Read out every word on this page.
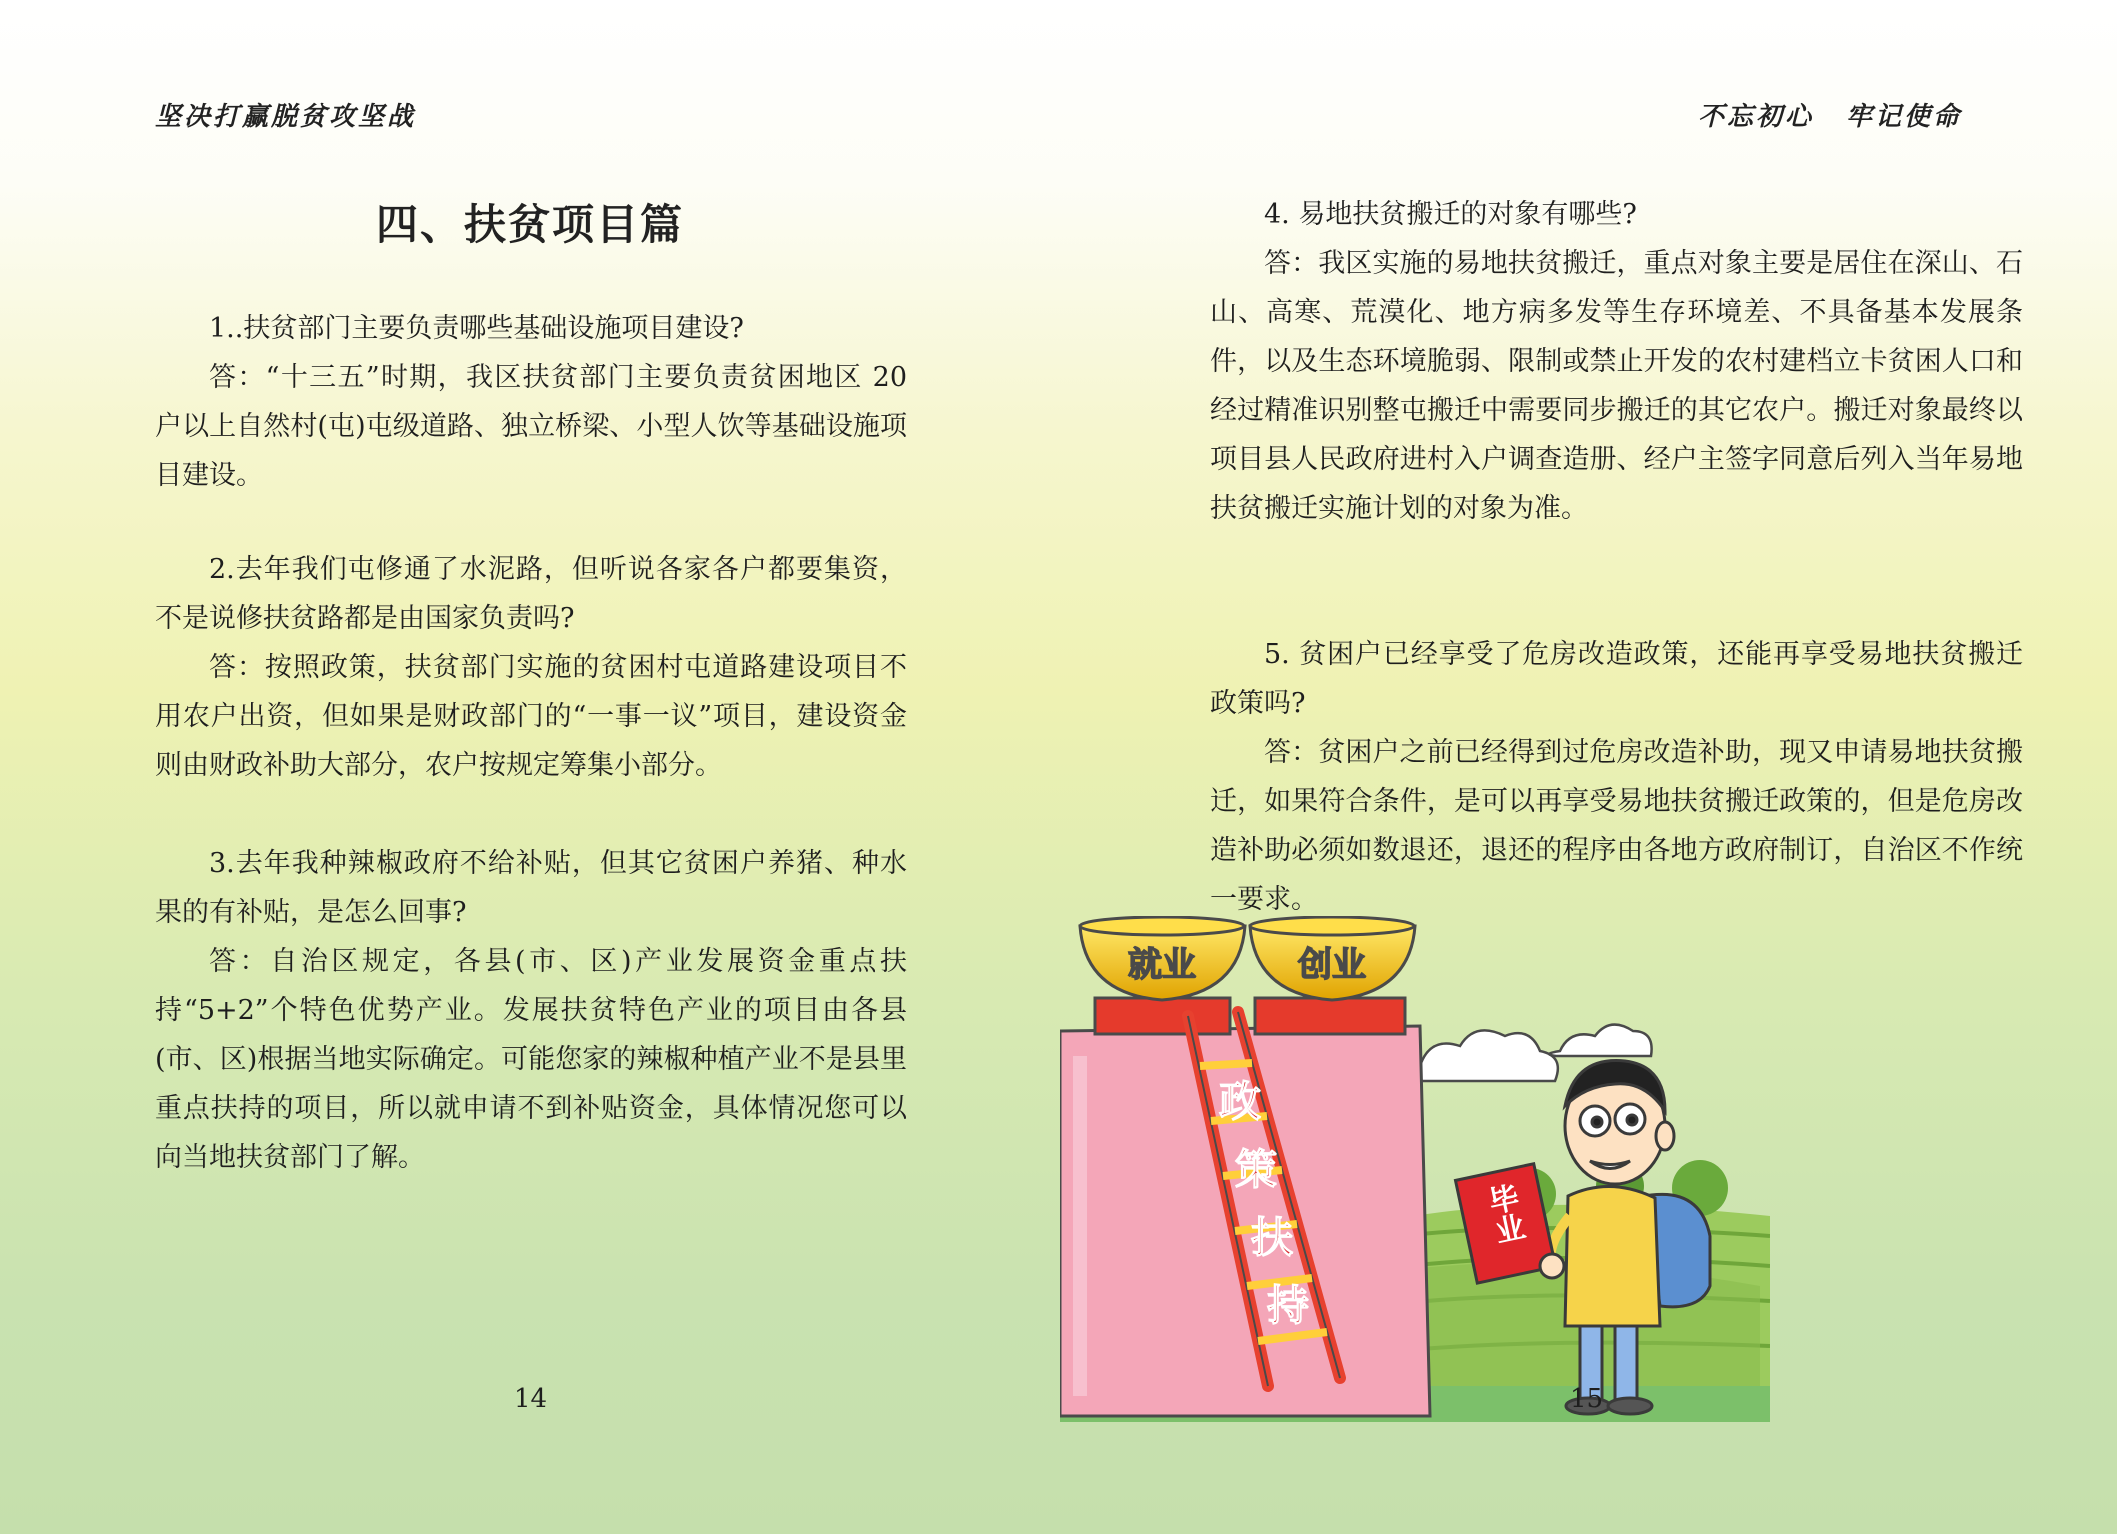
坚决打赢脱贫攻坚战
四、扶贫项目篇

1..扶贫部门主要负责哪些基础设施项目建设?

答：“十三五”时期，我区扶贫部门主要负责贫困地区 20 户以上自然村(屯)屯级道路、独立桥梁、小型人饮等基础设施项目建设。

2.去年我们屯修通了水泥路，但听说各家各户都要集资，不是说修扶贫路都是由国家负责吗?

答：按照政策，扶贫部门实施的贫困村屯道路建设项目不用农户出资，但如果是财政部门的“一事一议”项目，建设资金则由财政补助大部分，农户按规定筹集小部分。

3.去年我种辣椒政府不给补贴，但其它贫困户养猪、种水果的有补贴，是怎么回事?

答：自治区规定，各县(市、区)产业发展资金重点扶持“5+2”个特色优势产业。发展扶贫特色产业的项目由各县(市、区)根据当地实际确定。可能您家的辣椒种植产业不是县里重点扶持的项目，所以就申请不到补贴资金，具体情况您可以向当地扶贫部门了解。

14
不忘初心 牢记使命

4. 易地扶贫搬迁的对象有哪些?

答：我区实施的易地扶贫搬迁，重点对象主要是居住在深山、石山、高寒、荒漠化、地方病多发等生存环境差、不具备基本发展条件，以及生态环境脆弱、限制或禁止开发的农村建档立卡贫困人口和经过精准识别整屯搬迁中需要同步搬迁的其它农户。搬迁对象最终以项目县人民政府进村入户调查造册、经户主签字同意后列入当年易地扶贫搬迁实施计划的对象为准。

5. 贫困户已经享受了危房改造政策，还能再享受易地扶贫搬迁政策吗?

答：贫困户之前已经得到过危房改造补助，现又申请易地扶贫搬迁，如果符合条件，是可以再享受易地扶贫搬迁政策的，但是危房改造补助必须如数退还，退还的程序由各地方政府制订，自治区不作统一要求。

就业	创业
政
策
扶
持
毕业
15
